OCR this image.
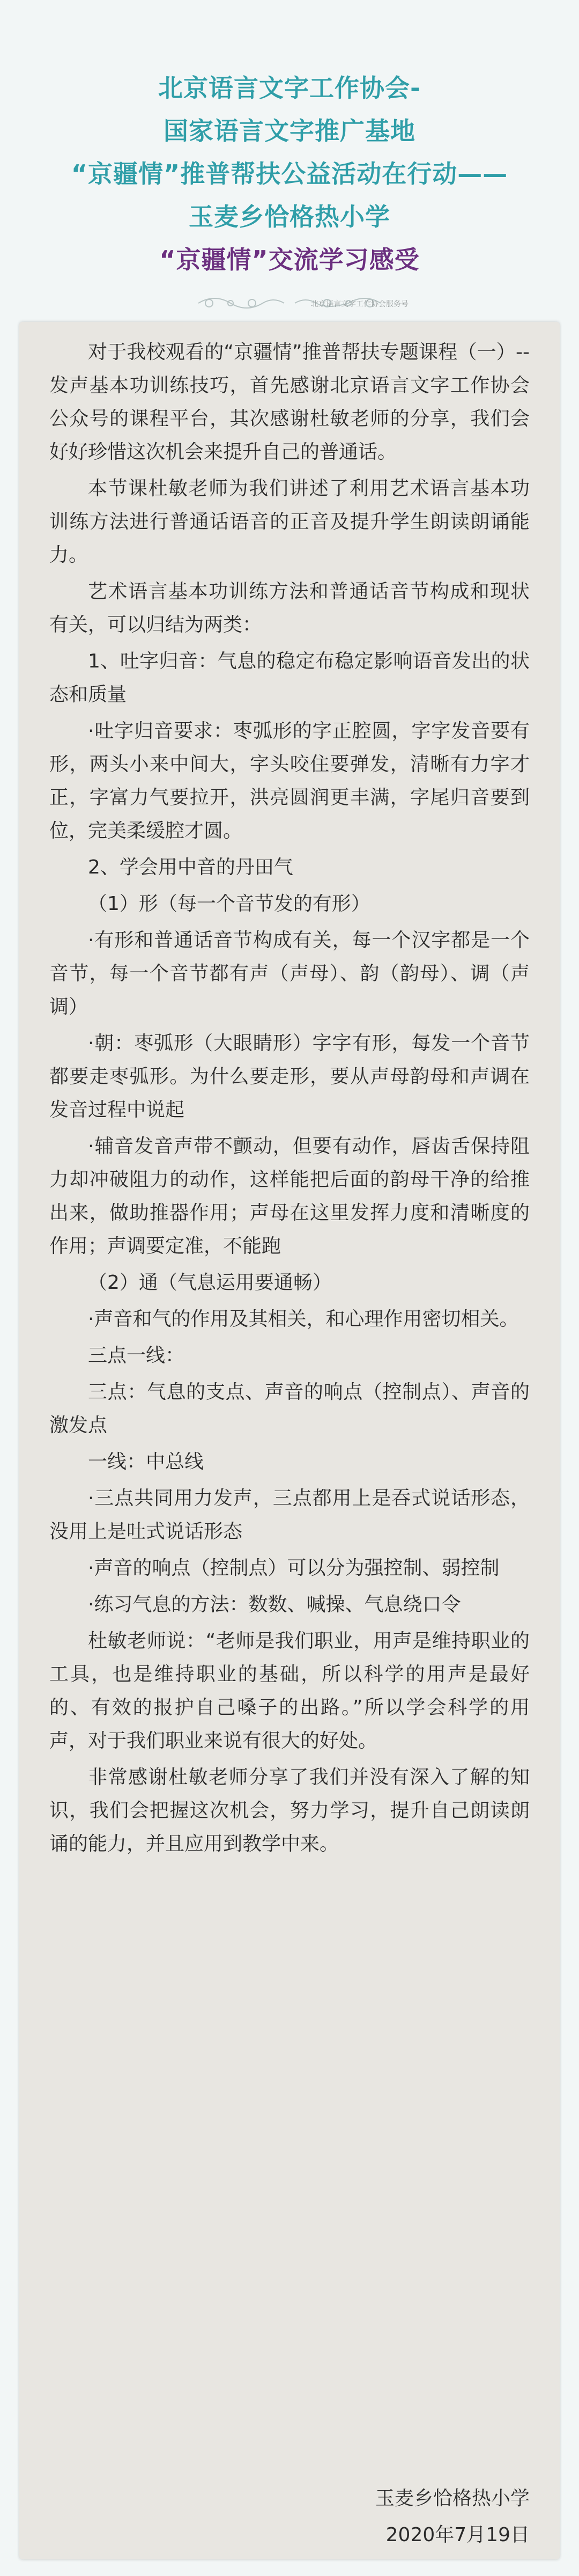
北京语言文字工作协会-
国家语言文字推广基地
“京疆情”推普帮扶公益活动在行动——
玉麦乡恰格热小学
“京疆情”交流学习感受
北京语言文字工作协会服务号

对于我校观看的“京疆情”推普帮扶专题课程（一）--发声基本功训练技巧，首先感谢北京语言文字工作协会公众号的课程平台，其次感谢杜敏老师的分享，我们会好好珍惜这次机会来提升自己的普通话。

本节课杜敏老师为我们讲述了利用艺术语言基本功训练方法进行普通话语音的正音及提升学生朗读朗诵能力。

艺术语言基本功训练方法和普通话音节构成和现状有关，可以归结为两类：

1、吐字归音：气息的稳定布稳定影响语音发出的状态和质量

·吐字归音要求：枣弧形的字正腔圆，字字发音要有形，两头小来中间大，字头咬住要弹发，清晰有力字才正，字富力气要拉开，洪亮圆润更丰满，字尾归音要到位，完美柔缓腔才圆。

2、学会用中音的丹田气

（1）形（每一个音节发的有形）

·有形和普通话音节构成有关，每一个汉字都是一个音节，每一个音节都有声（声母）、韵（韵母）、调（声调）

·朝：枣弧形（大眼睛形）字字有形，每发一个音节都要走枣弧形。为什么要走形，要从声母韵母和声调在发音过程中说起

·辅音发音声带不颤动，但要有动作，唇齿舌保持阻力却冲破阻力的动作，这样能把后面的韵母干净的给推出来，做助推器作用；声母在这里发挥力度和清晰度的作用；声调要定准，不能跑

（2）通（气息运用要通畅）

·声音和气的作用及其相关，和心理作用密切相关。

三点一线：

三点：气息的支点、声音的响点（控制点）、声音的激发点

一线：中总线

·三点共同用力发声，三点都用上是吞式说话形态，没用上是吐式说话形态

·声音的响点（控制点）可以分为强控制、弱控制

·练习气息的方法：数数、喊操、气息绕口令

杜敏老师说：“老师是我们职业，用声是维持职业的工具，也是维持职业的基础，所以科学的用声是最好的、有效的报护自己嗓子的出路。”所以学会科学的用声，对于我们职业来说有很大的好处。

非常感谢杜敏老师分享了我们并没有深入了解的知识，我们会把握这次机会，努力学习，提升自己朗读朗诵的能力，并且应用到教学中来。

玉麦乡恰格热小学
2020年7月19日
